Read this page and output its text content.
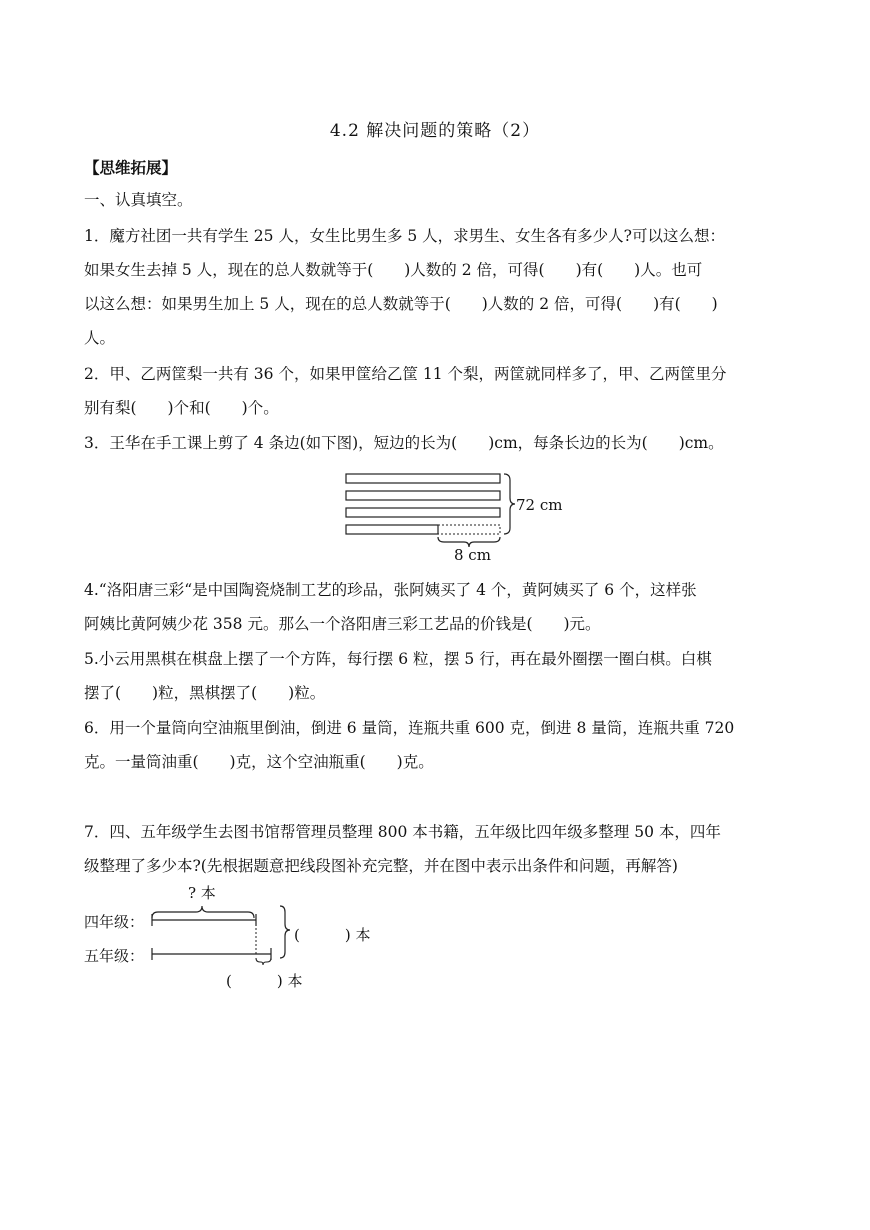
4.2 解决问题的策略（2）
【思维拓展】
一、认真填空。
1．魔方社团一共有学生 25 人，女生比男生多 5 人，求男生、女生各有多少人?可以这么想：
如果女生去掉 5 人，现在的总人数就等于(　　)人数的 2 倍，可得(　　)有(　　)人。也可
以这么想：如果男生加上 5 人，现在的总人数就等于(　　)人数的 2 倍，可得(　　)有(　　)
人。
2．甲、乙两筐梨一共有 36 个，如果甲筐给乙筐 11 个梨，两筐就同样多了，甲、乙两筐里分
别有梨(　　)个和(　　)个。
3．王华在手工课上剪了 4 条边(如下图)，短边的长为(　　)cm，每条长边的长为(　　)cm。
72 cm
8 cm
4.“洛阳唐三彩“是中国陶瓷烧制工艺的珍品，张阿姨买了 4 个，黄阿姨买了 6 个，这样张
阿姨比黄阿姨少花 358 元。那么一个洛阳唐三彩工艺品的价钱是(　　)元。
5.小云用黑棋在棋盘上摆了一个方阵，每行摆 6 粒，摆 5 行，再在最外圈摆一圈白棋。白棋
摆了(　　)粒，黑棋摆了(　　)粒。
6．用一个量筒向空油瓶里倒油，倒进 6 量筒，连瓶共重 600 克，倒进 8 量筒，连瓶共重 720
克。一量筒油重(　　)克，这个空油瓶重(　　)克。
7．四、五年级学生去图书馆帮管理员整理 800 本书籍，五年级比四年级多整理 50 本，四年
级整理了多少本?(先根据题意把线段图补充完整，并在图中表示出条件和问题，再解答)
? 本
四年级：
五年级：
(　　　) 本
(　　　) 本
